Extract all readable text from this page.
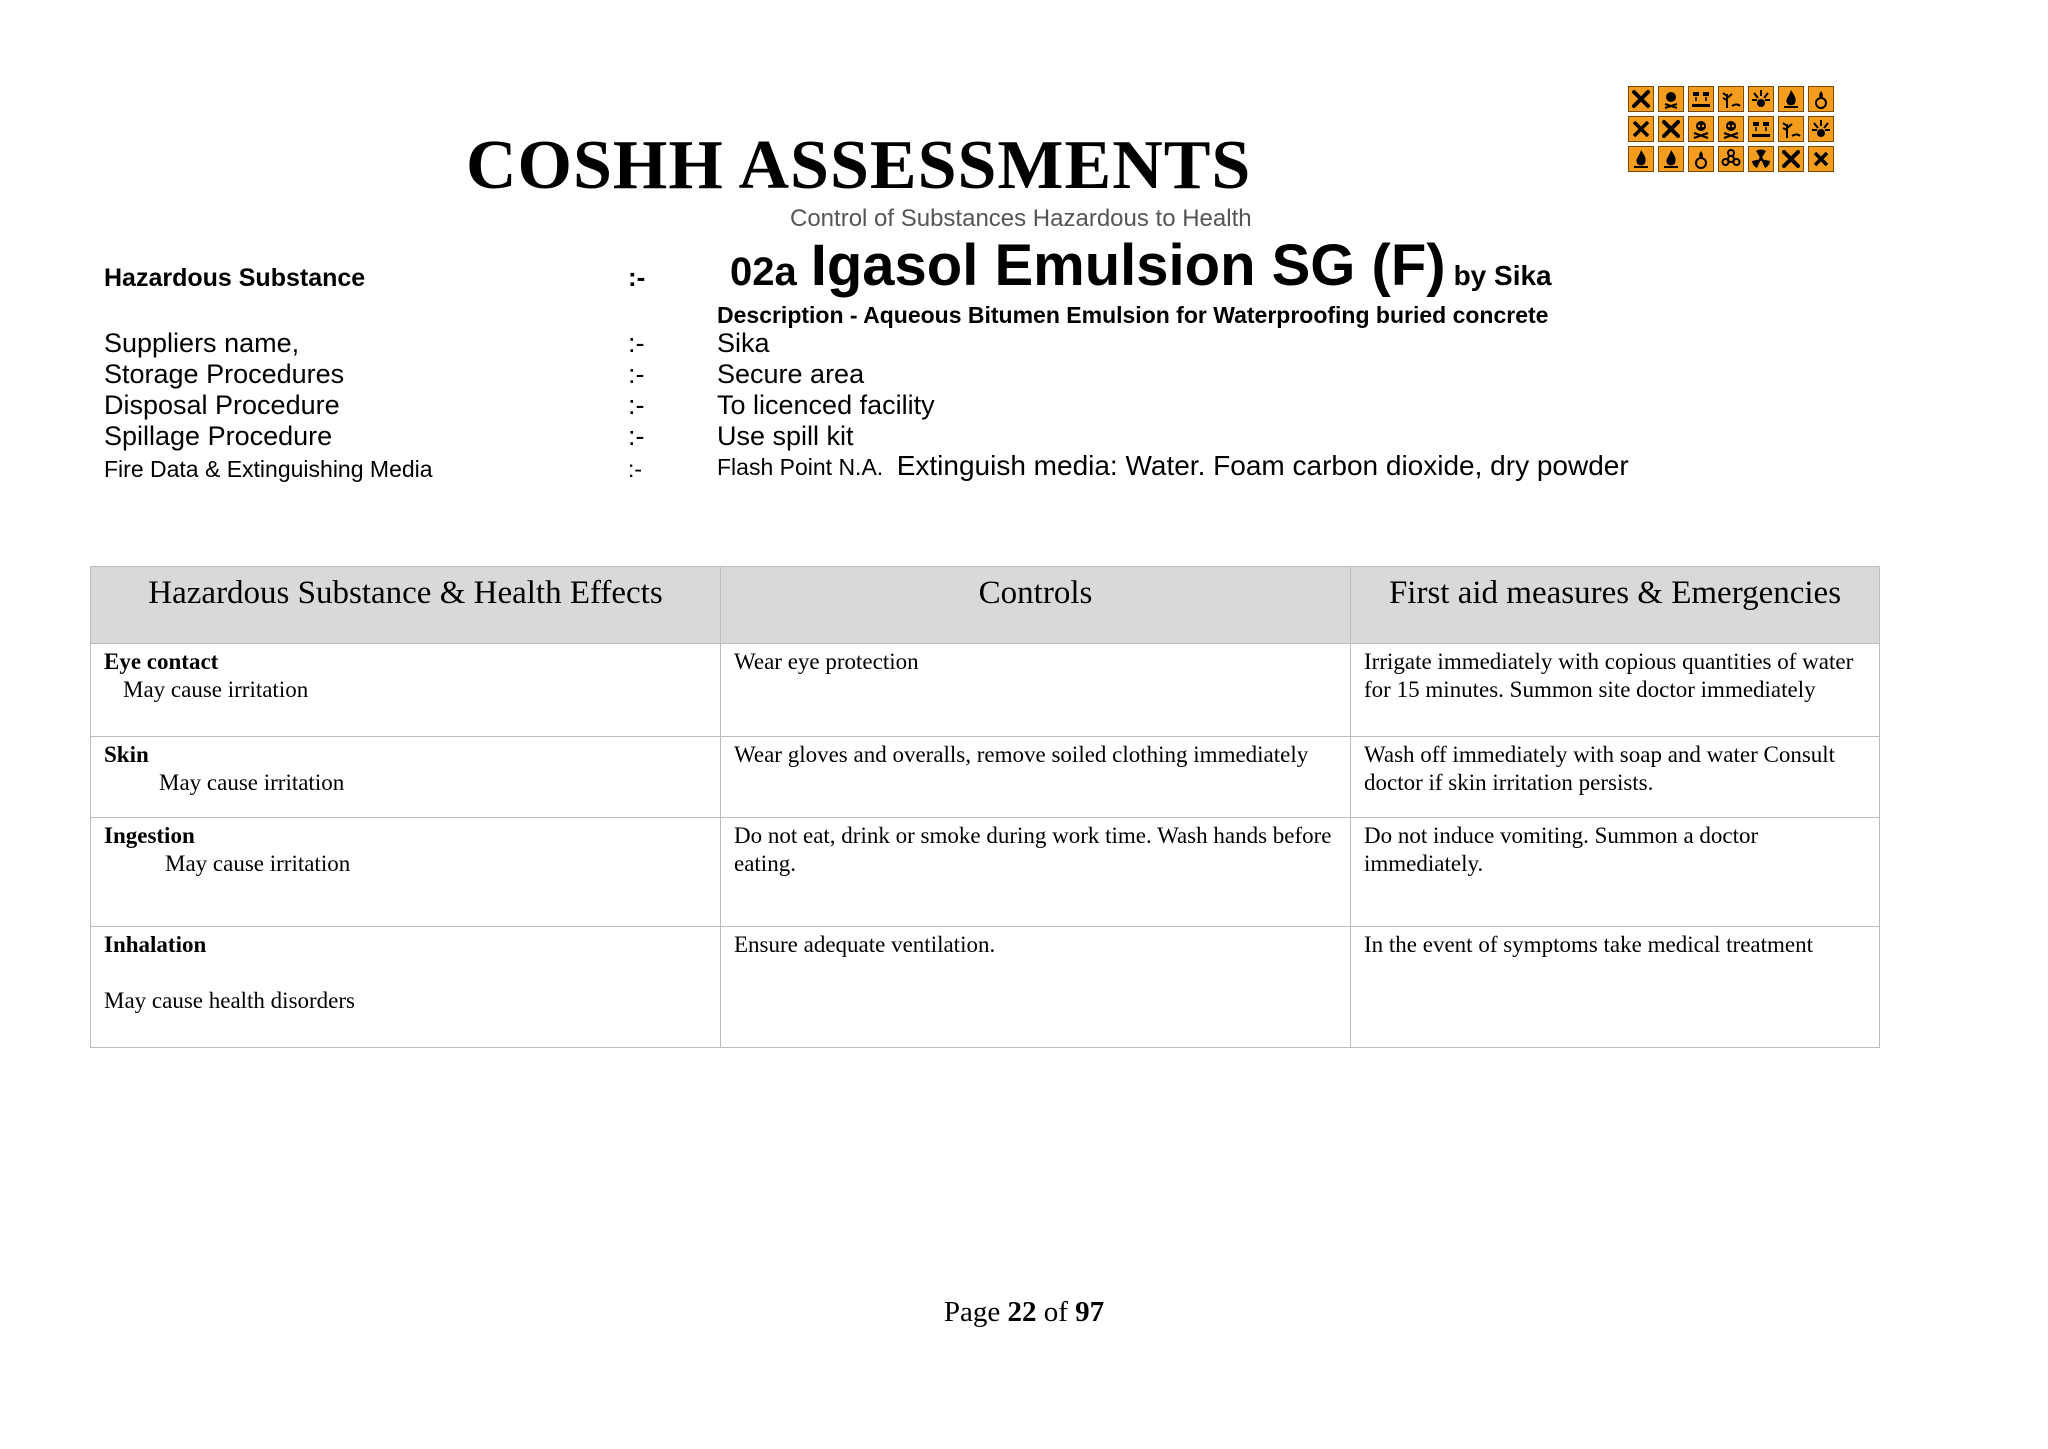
COSHH ASSESSMENTS
Control of Substances Hazardous to Health
Hazardous Substance	:- 02a Igasol Emulsion SG (F) by Sika
Description - Aqueous Bitumen Emulsion for Waterproofing buried concrete
Suppliers name,	:-	Sika
Storage Procedures	:-	Secure area
Disposal Procedure	:-	To licenced facility
Spillage Procedure	:-	Use spill kit
Fire Data & Extinguishing Media	:-	Flash Point N.A. Extinguish media: Water. Foam carbon dioxide, dry powder
Hazardous Substance & Health Effects	Controls	First aid measures & Emergencies

Eye contact
May cause irritation	Wear eye protection	Irrigate immediately with copious quantities of water for 15 minutes. Summon site doctor immediately

Skin
May cause irritation	Wear gloves and overalls, remove soiled clothing immediately	Wash off immediately with soap and water Consult doctor if skin irritation persists.

Ingestion
May cause irritation	Do not eat, drink or smoke during work time. Wash hands before eating.	Do not induce vomiting. Summon a doctor immediately.

Inhalation
May cause health disorders	Ensure adequate ventilation.	In the event of symptoms take medical treatment
Page 22 of 97
